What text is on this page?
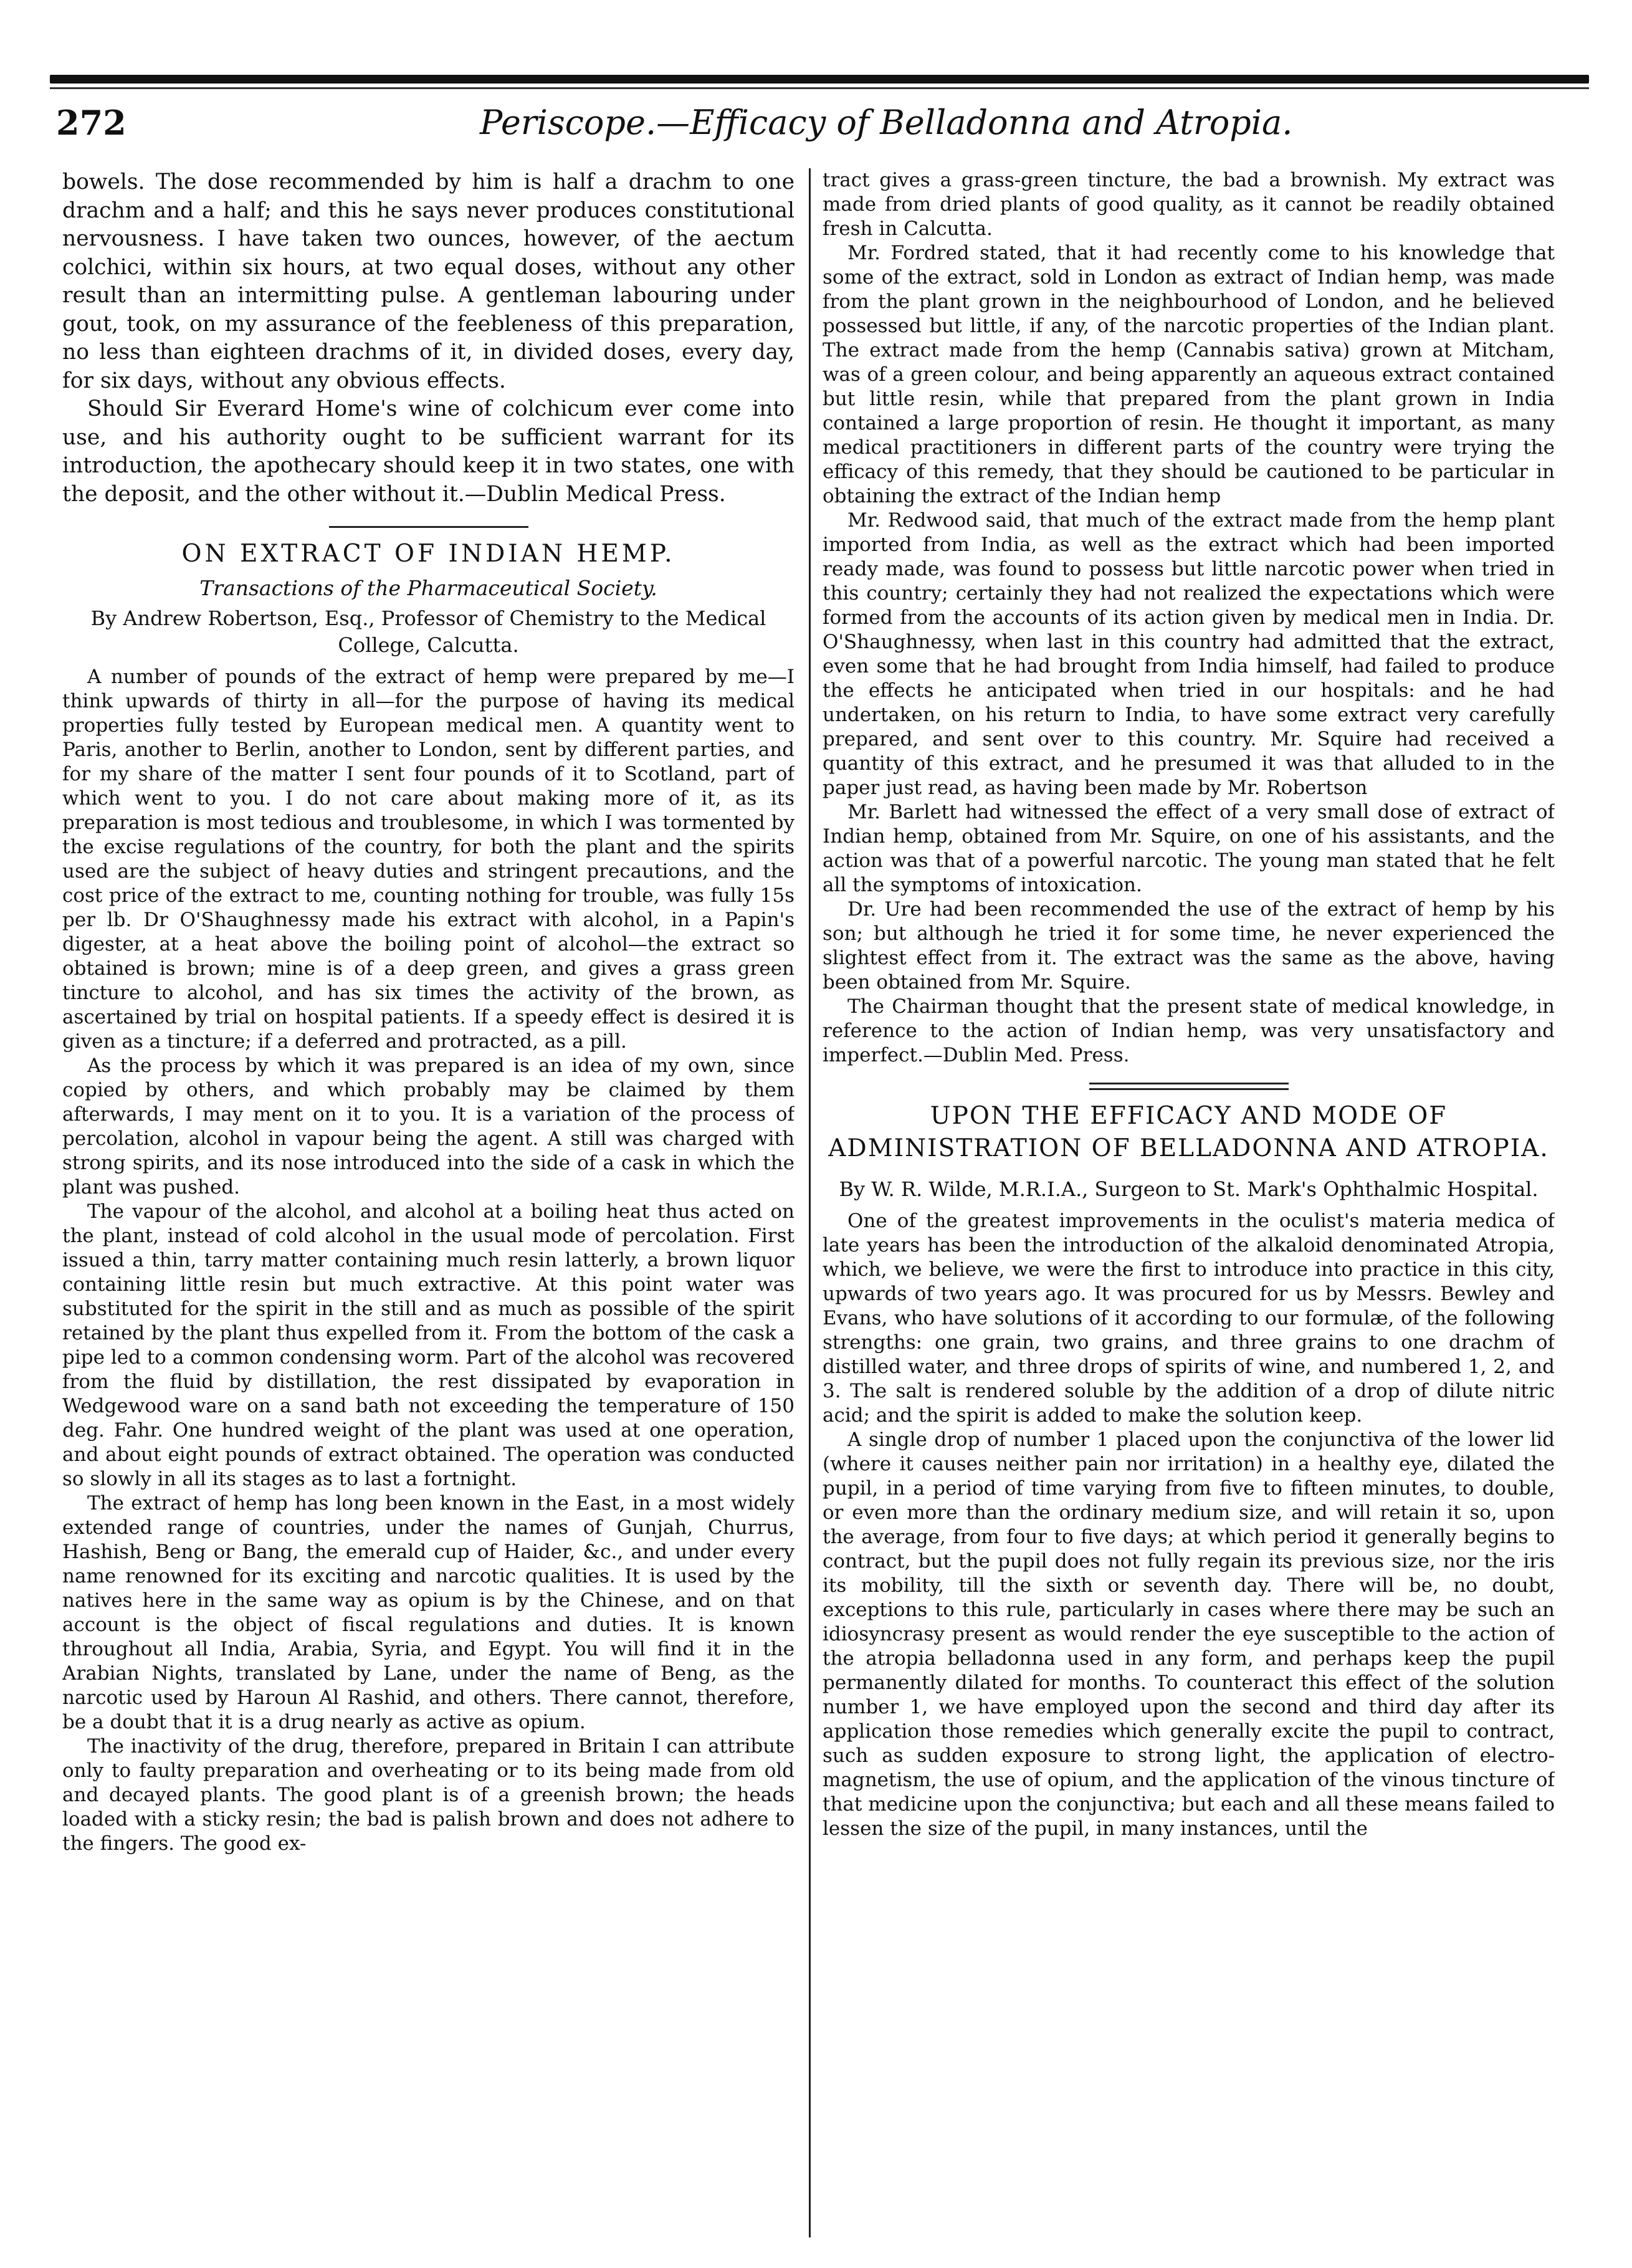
272	Periscope.—Efficacy of Belladonna and Atropia.

bowels. The dose recommended by him is half a drachm to one drachm and a half; and this he says never produces constitutional nervousness. I have taken two ounces, however, of the aectum colchici, within six hours, at two equal doses, without any other result than an intermitting pulse. A gentleman labouring under gout, took, on my assurance of the feebleness of this preparation, no less than eighteen drachms of it, in divided doses, every day, for six days, without any obvious effects.

Should Sir Everard Home's wine of colchicum ever come into use, and his authority ought to be sufficient warrant for its introduction, the apothecary should keep it in two states, one with the deposit, and the other without it.—Dublin Medical Press.

ON EXTRACT OF INDIAN HEMP.
Transactions of the Pharmaceutical Society.
By Andrew Robertson, Esq., Professor of Chemistry to the Medical College, Calcutta.

A number of pounds of the extract of hemp were prepared by me—I think upwards of thirty in all—for the purpose of having its medical properties fully tested by European medical men. A quantity went to Paris, another to Berlin, another to London, sent by different parties, and for my share of the matter I sent four pounds of it to Scotland, part of which went to you. I do not care about making more of it, as its preparation is most tedious and troublesome, in which I was tormented by the excise regulations of the country, for both the plant and the spirits used are the subject of heavy duties and stringent precautions, and the cost price of the extract to me, counting nothing for trouble, was fully 15s per lb. Dr O'Shaughnessy made his extract with alcohol, in a Papin's digester, at a heat above the boiling point of alcohol—the extract so obtained is brown; mine is of a deep green, and gives a grass green tincture to alcohol, and has six times the activity of the brown, as ascertained by trial on hospital patients. If a speedy effect is desired it is given as a tincture; if a deferred and protracted, as a pill.

As the process by which it was prepared is an idea of my own, since copied by others, and which probably may be claimed by them afterwards, I may ment on it to you. It is a variation of the process of percolation, alcohol in vapour being the agent. A still was charged with strong spirits, and its nose introduced into the side of a cask in which the plant was pushed.

The vapour of the alcohol, and alcohol at a boiling heat thus acted on the plant, instead of cold alcohol in the usual mode of percolation. First issued a thin, tarry matter containing much resin latterly, a brown liquor containing little resin but much extractive. At this point water was substituted for the spirit in the still and as much as possible of the spirit retained by the plant thus expelled from it. From the bottom of the cask a pipe led to a common condensing worm. Part of the alcohol was recovered from the fluid by distillation, the rest dissipated by evaporation in Wedgewood ware on a sand bath not exceeding the temperature of 150 deg. Fahr. One hundred weight of the plant was used at one operation, and about eight pounds of extract obtained. The operation was conducted so slowly in all its stages as to last a fortnight.

The extract of hemp has long been known in the East, in a most widely extended range of countries, under the names of Gunjah, Churrus, Hashish, Beng or Bang, the emerald cup of Haider, &c., and under every name renowned for its exciting and narcotic qualities. It is used by the natives here in the same way as opium is by the Chinese, and on that account is the object of fiscal regulations and duties. It is known throughout all India, Arabia, Syria, and Egypt. You will find it in the Arabian Nights, translated by Lane, under the name of Beng, as the narcotic used by Haroun Al Rashid, and others. There cannot, therefore, be a doubt that it is a drug nearly as active as opium.

The inactivity of the drug, therefore, prepared in Britain I can attribute only to faulty preparation and overheating or to its being made from old and decayed plants. The good plant is of a greenish brown; the heads loaded with a sticky resin; the bad is palish brown and does not adhere to the fingers. The good ex-

tract gives a grass-green tincture, the bad a brownish. My extract was made from dried plants of good quality, as it cannot be readily obtained fresh in Calcutta.

Mr. Fordred stated, that it had recently come to his knowledge that some of the extract, sold in London as extract of Indian hemp, was made from the plant grown in the neighbourhood of London, and he believed possessed but little, if any, of the narcotic properties of the Indian plant. The extract made from the hemp (Cannabis sativa) grown at Mitcham, was of a green colour, and being apparently an aqueous extract contained but little resin, while that prepared from the plant grown in India contained a large proportion of resin. He thought it important, as many medical practitioners in different parts of the country were trying the efficacy of this remedy, that they should be cautioned to be particular in obtaining the extract of the Indian hemp

Mr. Redwood said, that much of the extract made from the hemp plant imported from India, as well as the extract which had been imported ready made, was found to possess but little narcotic power when tried in this country; certainly they had not realized the expectations which were formed from the accounts of its action given by medical men in India. Dr. O'Shaughnessy, when last in this country had admitted that the extract, even some that he had brought from India himself, had failed to produce the effects he anticipated when tried in our hospitals: and he had undertaken, on his return to India, to have some extract very carefully prepared, and sent over to this country. Mr. Squire had received a quantity of this extract, and he presumed it was that alluded to in the paper just read, as having been made by Mr. Robertson

Mr. Barlett had witnessed the effect of a very small dose of extract of Indian hemp, obtained from Mr. Squire, on one of his assistants, and the action was that of a powerful narcotic. The young man stated that he felt all the symptoms of intoxication.

Dr. Ure had been recommended the use of the extract of hemp by his son; but although he tried it for some time, he never experienced the slightest effect from it. The extract was the same as the above, having been obtained from Mr. Squire.

The Chairman thought that the present state of medical knowledge, in reference to the action of Indian hemp, was very unsatisfactory and imperfect.—Dublin Med. Press.

UPON THE EFFICACY AND MODE OF ADMINISTRATION OF BELLADONNA AND ATROPIA.
By W. R. Wilde, M.R.I.A., Surgeon to St. Mark's Ophthalmic Hospital.

One of the greatest improvements in the oculist's materia medica of late years has been the introduction of the alkaloid denominated Atropia, which, we believe, we were the first to introduce into practice in this city, upwards of two years ago. It was procured for us by Messrs. Bewley and Evans, who have solutions of it according to our formulæ, of the following strengths: one grain, two grains, and three grains to one drachm of distilled water, and three drops of spirits of wine, and numbered 1, 2, and 3. The salt is rendered soluble by the addition of a drop of dilute nitric acid; and the spirit is added to make the solution keep.

A single drop of number 1 placed upon the conjunctiva of the lower lid (where it causes neither pain nor irritation) in a healthy eye, dilated the pupil, in a period of time varying from five to fifteen minutes, to double, or even more than the ordinary medium size, and will retain it so, upon the average, from four to five days; at which period it generally begins to contract, but the pupil does not fully regain its previous size, nor the iris its mobility, till the sixth or seventh day. There will be, no doubt, exceptions to this rule, particularly in cases where there may be such an idiosyncrasy present as would render the eye susceptible to the action of the atropia belladonna used in any form, and perhaps keep the pupil permanently dilated for months. To counteract this effect of the solution number 1, we have employed upon the second and third day after its application those remedies which generally excite the pupil to contract, such as sudden exposure to strong light, the application of electro-magnetism, the use of opium, and the application of the vinous tincture of that medicine upon the conjunctiva; but each and all these means failed to lessen the size of the pupil, in many instances, until the
